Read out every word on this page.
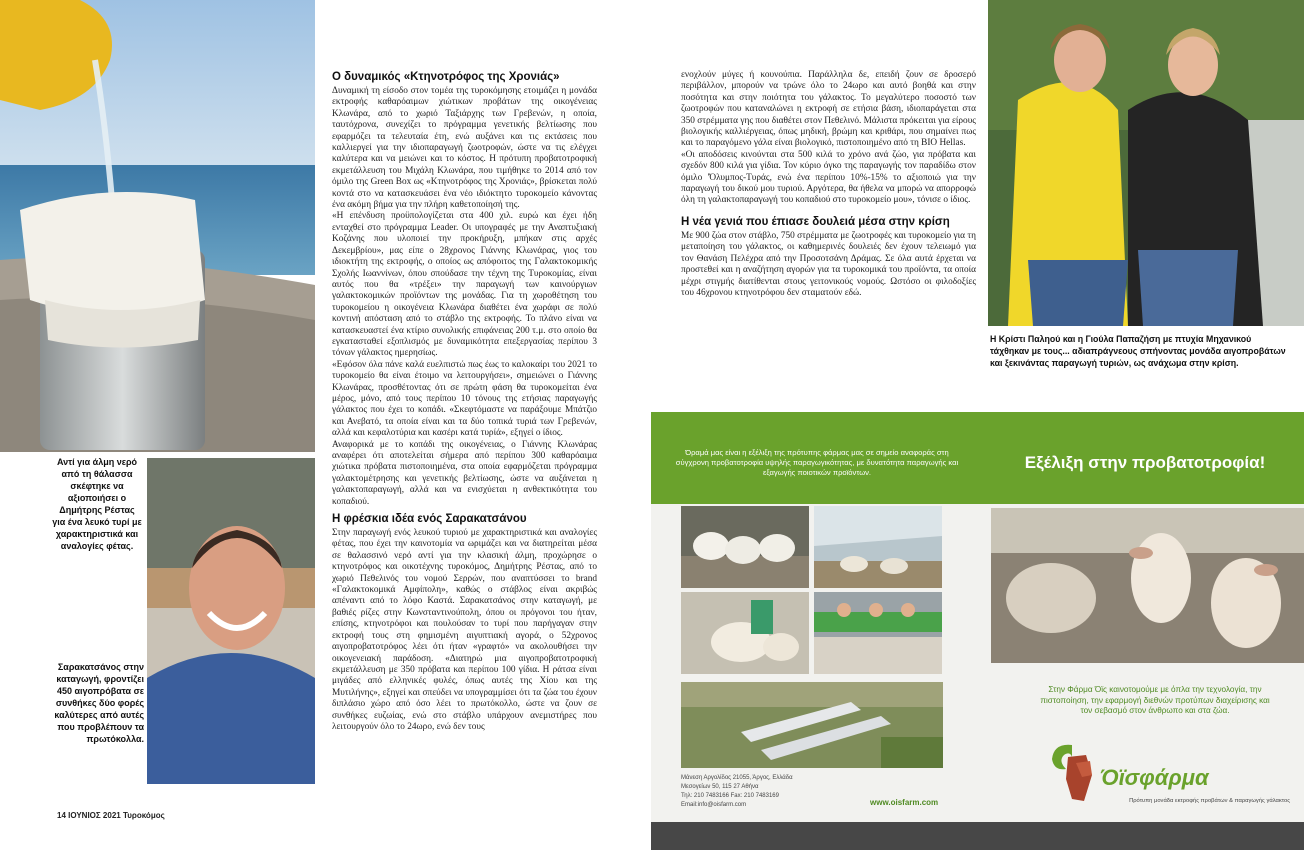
Αντί για άλμη νερό από τη θάλασσα σκέφτηκε να αξιοποιήσει ο Δημήτρης Ρέστας για ένα λευκό τυρί με χαρακτηριστικά και αναλογίες φέτας.
Σαρακατσάνος στην καταγωγή, φροντίζει 450 αιγοπρόβατα σε συνθήκες δύο φορές καλύτερες από αυτές που προβλέπουν τα πρωτόκολλα.
14 ΙΟΥΝΙΟΣ 2021 Τυροκόμος
Ο δυναμικός «Κτηνοτρόφος της Χρονιάς»

Δυναμική τη είσοδο στον τομέα της τυροκόμησης ετοιμάζει η μονάδα εκτροφής καθαρόαιμων χιώτικων προβάτων της οικογένειας Κλωνάρα, από το χωριό Ταξιάρχης των Γρεβενών, η οποία, ταυτόχρονα, συνεχίζει το πρόγραμμα γενετικής βελτίωσης που εφαρμόζει τα τελευταία έτη, ενώ αυξάνει και τις εκτάσεις που καλλιεργεί για την ιδιοπαραγωγή ζωοτροφών, ώστε να τις ελέγχει καλύτερα και να μειώνει και το κόστος. Η πρότυπη προβατοτροφική εκμετάλλευση του Μιχάλη Κλωνάρα, που τιμήθηκε το 2014 από τον όμιλο της Green Box ως «Κτηνοτρόφος της Χρονιάς», βρίσκεται πολύ κοντά στο να κατασκευάσει ένα νέο ιδιόκτητο τυροκομείο κάνοντας ένα ακόμη βήμα για την πλήρη καθετοποίησή της.

«Η επένδυση προϋπολογίζεται στα 400 χιλ. ευρώ και έχει ήδη ενταχθεί στο πρόγραμμα Leader. Οι υπογραφές με την Αναπτυξιακή Κοζάνης που υλοποιεί την προκήρυξη, μπήκαν στις αρχές Δεκεμβρίου», μας είπε ο 28χρονος Γιάννης Κλωνάρας, γιος του ιδιοκτήτη της εκτροφής, ο οποίος ως απόφοιτος της Γαλακτοκομικής Σχολής Ιωαννίνων, όπου σπούδασε την τέχνη της Τυροκομίας, είναι αυτός που θα «τρέξει» την παραγωγή των καινούργιων γαλακτοκομικών προϊόντων της μονάδας. Για τη χωροθέτηση του τυροκομείου η οικογένεια Κλωνάρα διαθέτει ένα χωράφι σε πολύ κοντινή απόσταση από το στάβλο της εκτροφής. Το πλάνο είναι να κατασκευαστεί ένα κτίριο συνολικής επιφάνειας 200 τ.μ. στο οποίο θα εγκατασταθεί εξοπλισμός με δυναμικότητα επεξεργασίας περίπου 3 τόνων γάλακτος ημερησίως.

«Εφόσον όλα πάνε καλά ευελπιστώ πως έως το καλοκαίρι του 2021 το τυροκομείο θα είναι έτοιμο να λειτουργήσει», σημειώνει ο Γιάννης Κλωνάρας, προσθέτοντας ότι σε πρώτη φάση θα τυροκομείται ένα μέρος, μόνο, από τους περίπου 10 τόνους της ετήσιας παραγωγής γάλακτος που έχει το κοπάδι. «Σκεφτόμαστε να παράξουμε Μπάτζιο και Ανεβατό, τα οποία είναι και τα δύο τοπικά τυριά των Γρεβενών, αλλά και κεφαλοτύρια και κασέρι κατά τυρίά», εξηγεί ο ίδιος.

Αναφορικά με το κοπάδι της οικογένειας, ο Γιάννης Κλωνάρας αναφέρει ότι αποτελείται σήμερα από περίπου 300 καθαρόαιμα χιώτικα πρόβατα πιστοποιημένα, στα οποία εφαρμόζεται πρόγραμμα γαλακτομέτρησης και γενετικής βελτίωσης, ώστε να αυξάνεται η γαλακτοπαραγωγή, αλλά και να ενισχύεται η ανθεκτικότητα του κοπαδιού.

Η φρέσκια ιδέα ενός Σαρακατσάνου

Στην παραγωγή ενός λευκού τυριού με χαρακτηριστικά και αναλογίες φέτας, που έχει την καινοτομία να ωριμάζει και να διατηρείται μέσα σε θαλασσινό νερό αντί για την κλασική άλμη, προχώρησε ο κτηνοτρόφος και οικοτέχνης τυροκόμος, Δημήτρης Ρέστας, από το χωριό Πεθελινός του νομού Σερρών, που αναπτύσσει το brand «Γαλακτοκομικά Αμφίπολη», καθώς ο στάβλος είναι ακριβώς απέναντι από το λόφο Καστά. Σαρακατσάνος στην καταγωγή, με βαθιές ρίζες στην Κωνσταντινούπολη, όπου οι πρόγονοι του ήταν, επίσης, κτηνοτρόφοι και πουλούσαν το τυρί που παρήγαγαν στην εκτροφή τους στη φημισμένη αιγυπτιακή αγορά, ο 52χρονος αιγοπροβατοτρόφος λέει ότι ήταν «γραφτό» να ακολουθήσει την οικογενειακή παράδοση. «Διατηρώ μια αιγοπροβατοτροφική εκμετάλλευση με 350 πρόβατα και περίπου 100 γίδια. Η ράτσα είναι μιγάδες από ελληνικές φυλές, όπως αυτές της Χίου και της Μυτιλήνης», εξηγεί και σπεύδει να υπογραμμίσει ότι τα ζώα του έχουν διπλάσιο χώρο από όσο λέει το πρωτόκολλο, ώστε να ζουν σε συνθήκες ευζωίας, ενώ στο στάβλο υπάρχουν ανεμιστήρες που λειτουργούν όλο το 24ωρο, ενώ δεν τους

ενοχλούν μύγες ή κουνούπια. Παράλληλα δε, επειδή ζουν σε δροσερό περιβάλλον, μπορούν να τρώνε όλο το 24ωρο και αυτό βοηθά και στην ποσότητα και στην ποιότητα του γάλακτος. Το μεγαλύτερο ποσοστό των ζωοτροφών που καταναλώνει η εκτροφή σε ετήσια βάση, ιδιοπαράγεται στα 350 στρέμματα γης που διαθέτει στον Πεθελινό. Μάλιστα πρόκειται για είρους βιολογικής καλλιέργειας, όπως μηδική, βρώμη και κριθάρι, που σημαίνει πως και το παραγόμενο γάλα είναι βιολογικό, πιστοποιημένο από τη BIO Hellas.

«Οι αποδόσεις κινούνται στα 500 κιλά το χρόνο ανά ζώο, για πρόβατα και σχεδόν 800 κιλά για γίδια. Τον κύριο όγκο της παραγωγής τον παραδίδω στον όμιλο 'Όλυμπος-Τυράς, ενώ ένα περίπου 10%-15% το αξιοποιώ για την παραγωγή του δικού μου τυριού. Αργότερα, θα ήθελα να μπορώ να απορροφώ όλη τη γαλακτοπαραγωγή του κοπαδιού στο τυροκομείο μου», τόνισε ο ίδιος.

Η νέα γενιά που έπιασε δουλειά μέσα στην κρίση

Με 900 ζώα στον στάβλο, 750 στρέμματα με ζωοτροφές και τυροκομείο για τη μεταποίηση του γάλακτος, οι καθημερινές δουλειές δεν έχουν τελειωμό για τον Θανάση Πελέχρα από την Προσοτσάνη Δράμας. Σε όλα αυτά έρχεται να προστεθεί και η αναζήτηση αγορών για τα τυροκομικά του προϊόντα, τα οποία μέχρι στιγμής διατίθενται στους γειτονικούς νομούς. Ωστόσο οι φιλοδοξίες του 46χρονου κτηνοτρόφου δεν σταματούν εδώ.

Η Κρίστι Παληού και η Γιούλα Παπαζήση με πτυχία Μηχανικού τάχθηκαν με τους... αδιαπράγνεους σπήνοντας μονάδα αιγοπροβάτων και ξεκινάντας παραγωγή τυριών, ως ανάχωμα στην κρίση.
Όραμά μας είναι η εξέλιξη της πρότυπης φάρμας μας σε σημείο αναφοράς στη σύγχρονη προβατοτροφία υψηλής παραγωγικότητας, με δυνατότητα παραγωγής και εξαγωγής ποιοτικών προϊόντων.
Εξέλιξη στην προβατοτροφία!
Μάνεση Αργολίδος 21055, Άργος, Ελλάδα
Μεσογείων 50, 115 27 Αθήνα
Τηλ: 210 7483166 Fax: 210 7483169
Email:info@oisfarm.com	www.oisfarm.com
Στην Φάρμα Όϊς καινοτομούμε με όπλα την τεχνολογία, την πιστοποίηση, την εφαρμογή διεθνών προτύπων διαχείρισης και τον σεβασμό στον άνθρωπο και στα ζώα.
Όϊσφάρμα
Πρότυπη μονάδα εκτροφής προβάτων & παραγωγής γάλακτος
